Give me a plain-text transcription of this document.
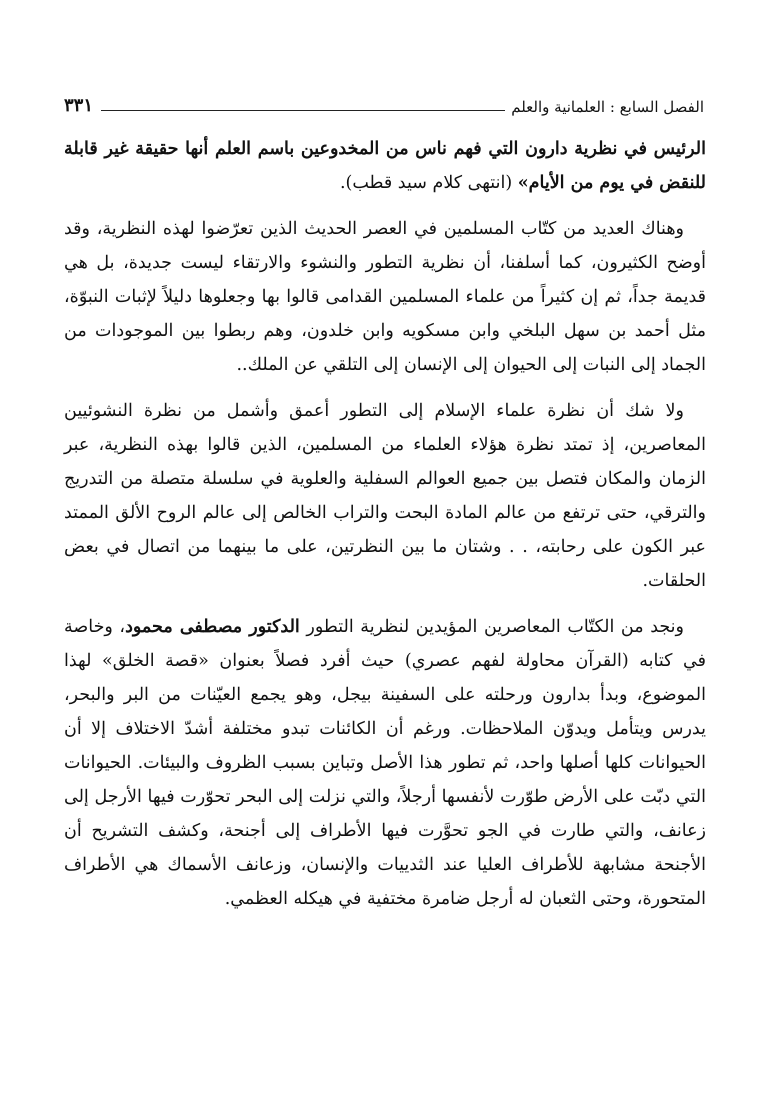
الفصل السابع : العلمانية والعلم
٣٣١

الرئيس في نظرية دارون التي فهم ناس من المخدوعين باسم العلم أنها حقيقة غير قابلة للنقض في يوم من الأيام» (انتهى كلام سيد قطب).

وهناك العديد من كتّاب المسلمين في العصر الحديث الذين تعرّضوا لهذه النظرية، وقد أوضح الكثيرون، كما أسلفنا، أن نظرية التطور والنشوء والارتقاء ليست جديدة، بل هي قديمة جداً، ثم إن كثيراً من علماء المسلمين القدامى قالوا بها وجعلوها دليلاً لإثبات النبوّة، مثل أحمد بن سهل البلخي وابن مسكويه وابن خلدون، وهم ربطوا بين الموجودات من الجماد إلى النبات إلى الحيوان إلى الإنسان إلى التلقي عن الملك..

ولا شك أن نظرة علماء الإسلام إلى التطور أعمق وأشمل من نظرة النشوئيين المعاصرين، إذ تمتد نظرة هؤلاء العلماء من المسلمين، الذين قالوا بهذه النظرية، عبر الزمان والمكان فتصل بين جميع العوالم السفلية والعلوية في سلسلة متصلة من التدريج والترقي، حتى ترتفع من عالم المادة البحت والتراب الخالص إلى عالم الروح الألق الممتد عبر الكون على رحابته، . . وشتان ما بين النظرتين، على ما بينهما من اتصال في بعض الحلقات.

ونجد من الكتّاب المعاصرين المؤيدين لنظرية التطور الدكتور مصطفى محمود، وخاصة في كتابه (القرآن محاولة لفهم عصري) حيث أفرد فصلاً بعنوان «قصة الخلق» لهذا الموضوع، وبدأ بدارون ورحلته على السفينة بيجل، وهو يجمع العيّنات من البر والبحر، يدرس ويتأمل ويدوّن الملاحظات. ورغم أن الكائنات تبدو مختلفة أشدّ الاختلاف إلا أن الحيوانات كلها أصلها واحد، ثم تطور هذا الأصل وتباين بسبب الظروف والبيئات. الحيوانات التي دبّت على الأرض طوّرت لأنفسها أرجلاً، والتي نزلت إلى البحر تحوّرت فيها الأرجل إلى زعانف، والتي طارت في الجو تحوَّرت فيها الأطراف إلى أجنحة، وكشف التشريح أن الأجنحة مشابهة للأطراف العليا عند الثدييات والإنسان، وزعانف الأسماك هي الأطراف المتحورة، وحتى الثعبان له أرجل ضامرة مختفية في هيكله العظمي.
